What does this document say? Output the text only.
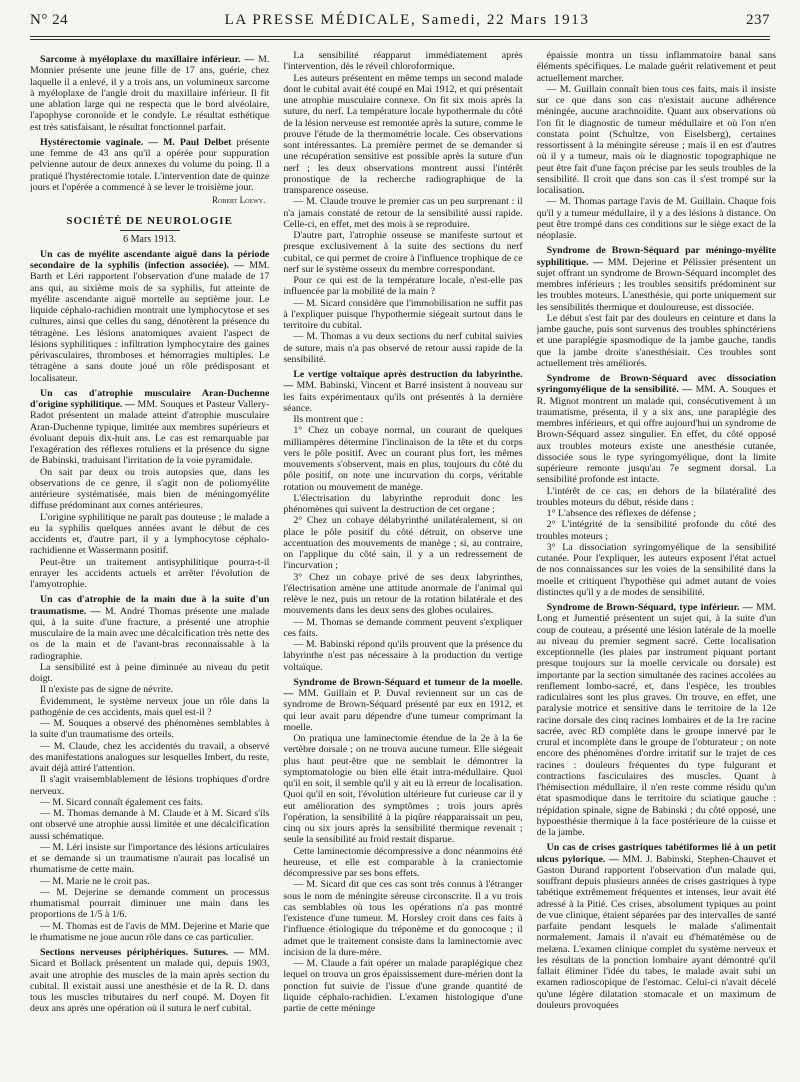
N° 24	LA PRESSE MÉDICALE, Samedi, 22 Mars 1913	237

Sarcome à myéloplaxe du maxillaire inférieur. — M. Monnier présente une jeune fille de 17 ans, guérie, chez laquelle il a enlevé, il y a trois ans, un volumineux sarcome à myéloplaxe de l'angle droit du maxillaire inférieur. Il fit une ablation large qui ne respecta que le bord alvéolaire, l'apophyse coronoïde et le condyle. Le résultat esthétique est très satisfaisant, le résultat fonctionnel parfait.

Hystérectomie vaginale. — M. Paul Delbet présente une femme de 43 ans qu'il a opérée pour suppuration pelvienne autour de deux annexes du volume du poing. Il a pratiqué l'hystérectomie totale. L'intervention date de quinze jours et l'opérée a commencé à se lever le troisième jour.

Robert Loewy.
SOCIÉTÉ DE NEUROLOGIE
6 Mars 1913.

Un cas de myélite ascendante aiguë dans la période secondaire de la syphilis (infection associée). — MM. Barth et Léri rapportent l'observation d'une malade de 17 ans qui, au sixième mois de sa syphilis, fut atteinte de myélite ascendante aiguë mortelle au septième jour. Le liquide céphalo-rachidien montrait une lymphocytose et ses cultures, ainsi que celles du sang, dénotèrent la présence du tétragène. Les lésions anatomiques avaient l'aspect de lésions syphilitiques : infiltration lymphocytaire des gaines périvasculaires, thromboses et hémorragies multiples. Le tétragène a sans doute joué un rôle prédisposant et localisateur.

Un cas d'atrophie musculaire Aran-Duchenne d'origine syphilitique. — MM. Souques et Pasteur Vallery-Radot présentent un malade atteint d'atrophie musculaire Aran-Duchenne typique, limitée aux membres supérieurs et évoluant depuis dix-huit ans. Le cas est remarquable par l'exagération des réflexes rotuliens et la présence du signe de Babinski, traduisant l'irritation de la voie pyramidale.

On sait par deux ou trois autopsies que, dans les observations de ce genre, il s'agit non de poliomyélite antérieure systématisée, mais bien de méningomyélite diffuse prédominant aux cornes antérieures.

L'origine syphilitique ne paraît pas douteuse ; le malade a eu la syphilis quelques années avant le début de ces accidents et, d'autre part, il y a lymphocytose céphalo-rachidienne et Wassermann positif.

Peut-être un traitement antisyphilitique pourra-t-il enrayer les accidents actuels et arrêter l'évolution de l'amyotrophie.

Un cas d'atrophie de la main due à la suite d'un traumatisme. — M. André Thomas présente une malade qui, à la suite d'une fracture, a présenté une atrophie musculaire de la main avec une décalcification très nette des os de la main et de l'avant-bras reconnaissable à la radiographie.

La sensibilité est à peine diminuée au niveau du petit doigt.

Il n'existe pas de signe de névrite.

Évidemment, le système nerveux joue un rôle dans la pathogénie de ces accidents, mais quel est-il ?

— M. Souques a observé des phénomènes semblables à la suite d'un traumatisme des orteils.

— M. Claude, chez les accidentés du travail, a observé des manifestations analogues sur lesquelles Imbert, du reste, avait déjà attiré l'attention.

Il s'agit vraisemblablement de lésions trophiques d'ordre nerveux.

— M. Sicard connaît également ces faits.

— M. Thomas demande à M. Claude et à M. Sicard s'ils ont observé une atrophie aussi limitée et une décalcification aussi schématique.

— M. Léri insiste sur l'importance des lésions articulaires et se demande si un traumatisme n'aurait pas localisé un rhumatisme de cette main.

— M. Marie ne le croit pas.

— M. Dejerine se demande comment un processus rhumatismal pourrait diminuer une main dans les proportions de 1/5 à 1/6.

— M. Thomas est de l'avis de MM. Dejerine et Marie que le rhumatisme ne joue aucun rôle dans ce cas particulier.

Sections nerveuses périphériques. Sutures. — MM. Sicard et Bollack présentent un malade qui, depuis 1903, avait une atrophie des muscles de la main après section du cubital. Il existait aussi une anesthésie et de la R. D. dans tous les muscles tributaires du nerf coupé. M. Doyen fit deux ans après une opération où il sutura le nerf cubital.

La sensibilité réapparut immédiatement après l'intervention, dès le réveil chloroformique.

Les auteurs présentent en même temps un second malade dont le cubital avait été coupé en Mai 1912, et qui présentait une atrophie musculaire connexe. On fit six mois après la suture, du nerf. La température locale hypothermale du côté de la lésion nerveuse est remontée après la suture, comme le prouve l'étude de la thermométrie locale. Ces observations sont intéressantes. La première permet de se demander si une récupération sensitive est possible après la suture d'un nerf ; les deux observations montrent aussi l'intérêt pronostique de la recherche radiographique de la transparence osseuse.

— M. Claude trouve le premier cas un peu surprenant : il n'a jamais constaté de retour de la sensibilité aussi rapide. Celle-ci, en effet, met des mois à se reproduire.

D'autre part, l'atrophie osseuse se manifeste surtout et presque exclusivement à la suite des sections du nerf cubital, ce qui permet de croire à l'influence trophique de ce nerf sur le système osseux du membre correspondant.

Pour ce qui est de la température locale, n'est-elle pas influencée par la mobilité de la main ?

— M. Sicard considère que l'immobilisation ne suffit pas à l'expliquer puisque l'hypothermie siégeait surtout dans le territoire du cubital.

— M. Thomas a vu deux sections du nerf cubital suivies de suture, mais n'a pas observé de retour aussi rapide de la sensibilité.

Le vertige voltaïque après destruction du labyrinthe. — MM. Babinski, Vincent et Barré insistent à nouveau sur les faits expérimentaux qu'ils ont présentés à la dernière séance.

Ils montrent que :

1° Chez un cobaye normal, un courant de quelques milliampères détermine l'inclinaison de la tête et du corps vers le pôle positif. Avec un courant plus fort, les mêmes mouvements s'observent, mais en plus, toujours du côté du pôle positif, on note une incurvation du corps, véritable rotation ou mouvement de manège.

L'électrisation du labyrinthe reproduit donc les phénomènes qui suivent la destruction de cet organe ;

2° Chez un cobaye délabyrinthé unilatéralement, si on place le pôle positif du côté détruit, on observe une accentuation des mouvements de manège ; si, au contraire, on l'applique du côté sain, il y a un redressement de l'incurvation ;

3° Chez un cobaye privé de ses deux labyrinthes, l'électrisation amène une attitude anormale de l'animal qui relève le nez, puis un retour de la rotation bilatérale et des mouvements dans les deux sens des globes oculaires.

— M. Thomas se demande comment peuvent s'expliquer ces faits.

— M. Babinski répond qu'ils prouvent que la présence du labyrinthe n'est pas nécessaire à la production du vertige voltaïque.

Syndrome de Brown-Séquard et tumeur de la moelle. — MM. Guillain et P. Duval reviennent sur un cas de syndrome de Brown-Séquard présenté par eux en 1912, et qui leur avait paru dépendre d'une tumeur comprimant la moelle.

On pratiqua une laminectomie étendue de la 2e à la 6e vertèbre dorsale ; on ne trouva aucune tumeur. Elle siégeait plus haut peut-être que ne semblait le démontrer la symptomatologie ou bien elle était intra-médullaire. Quoi qu'il en soit, il semble qu'il y ait eu là erreur de localisation. Quoi qu'il en soit, l'évolution ultérieure fut curieuse car il y eut amélioration des symptômes ; trois jours après l'opération, la sensibilité à la piqûre réapparaissait un peu, cinq ou six jours après la sensibilité thermique revenait ; seule la sensibilité au froid restait disparue.

Cette laminectomie décompressive a donc néanmoins été heureuse, et elle est comparable à la craniectomie décompressive par ses bons effets.

— M. Sicard dit que ces cas sont très connus à l'étranger sous le nom de méningite séreuse circonscrite. Il a vu trois cas semblables où tous les opérations n'a pas montré l'existence d'une tumeur. M. Horsley croit dans ces faits à l'influence étiologique du tréponème et du gonocoque ; il admet que le traitement consiste dans la laminectomie avec incision de la dure-mère.

— M. Claude a fait opérer un malade paraplégique chez lequel on trouva un gros épaississement dure-mérien dont la ponction fut suivie de l'issue d'une grande quantité de liquide céphalo-rachidien. L'examen histologique d'une partie de cette méninge

épaissie montra un tissu inflammatoire banal sans éléments spécifiques. Le malade guérit relativement et peut actuellement marcher.

— M. Guillain connaît bien tous ces faits, mais il insiste sur ce que dans son cas n'existait aucune adhérence méningée, aucune arachnoïdite. Quant aux observations où l'on fit le diagnostic de tumeur médullaire et où l'on n'en constata point (Schultze, von Eiselsberg), certaines ressortissent à la méningite séreuse ; mais il en est d'autres où il y a tumeur, mais où le diagnostic topographique ne peut être fait d'une façon précise par les seuls troubles de la sensibilité. Il croit que dans son cas il s'est trompé sur la localisation.

— M. Thomas partage l'avis de M. Guillain. Chaque fois qu'il y a tumeur médullaire, il y a des lésions à distance. On peut être trompé dans ces conditions sur le siège exact de la néoplasie.

Syndrome de Brown-Séquard par méningo-myélite syphilitique. — MM. Dejerine et Pélissier présentent un sujet offrant un syndrome de Brown-Séquard incomplet des membres inférieurs ; les troubles sensitifs prédominent sur les troubles moteurs. L'anesthésie, qui porte uniquement sur les sensibilités thermique et douloureuse, est dissociée.

Le début s'est fait par des douleurs en ceinture et dans la jambe gauche, puis sont survenus des troubles sphinctériens et une paraplégie spasmodique de la jambe gauche, tandis que la jambe droite s'anesthésiait. Ces troubles sont actuellement très améliorés.

Syndrome de Brown-Séquard avec dissociation syringomyélique de la sensibilité. — MM. A. Souques et R. Mignot montrent un malade qui, consécutivement à un traumatisme, présenta, il y a six ans, une paraplégie des membres inférieurs, et qui offre aujourd'hui un syndrome de Brown-Séquard assez singulier. En effet, du côté opposé aux troubles moteurs existe une anesthésie cutanée, dissociée sous le type syringomyélique, dont la limite supérieure remonte jusqu'au 7e segment dorsal. La sensibilité profonde est intacte.

L'intérêt de ce cas, en dehors de la bilatéralité des troubles moteurs du début, réside dans :

1° L'absence des réflexes de défense ;

2° L'intégrité de la sensibilité profonde du côté des troubles moteurs ;

3° La dissociation syringomyélique de la sensibilité cutanée. Pour l'expliquer, les auteurs exposent l'état actuel de nos connaissances sur les voies de la sensibilité dans la moelle et critiquent l'hypothèse qui admet autant de voies distinctes qu'il y a de modes de sensibilité.

Syndrome de Brown-Séquard, type inférieur. — MM. Long et Jumentié présentent un sujet qui, à la suite d'un coup de couteau, a présenté une lésion latérale de la moelle au niveau du premier segment sacré. Cette localisation exceptionnelle (les plaies par instrument piquant portant presque toujours sur la moelle cervicale ou dorsale) est importante par la section simultanée des racines accolées au renflement lombo-sacré, et, dans l'espèce, les troubles radiculaires sont les plus graves. On trouve, en effet, une paralysie motrice et sensitive dans le territoire de la 12e racine dorsale des cinq racines lombaires et de la 1re racine sacrée, avec RD complète dans le groupe innervé par le crural et incomplète dans le groupe de l'obturateur ; on note encore des phénomènes d'ordre irritatif sur le trajet de ces racines : douleurs fréquentes du type fulgurant et contractions fasciculaires des muscles. Quant à l'hémisection médullaire, il n'en reste comme résidu qu'un état spasmodique dans le territoire du sciatique gauche : trépidation spinale, signe de Babinski ; du côté opposé, une hypoesthésie thermique à la face postérieure de la cuisse et de la jambe.

Un cas de crises gastriques tabétiformes lié à un petit ulcus pylorique. — MM. J. Babinski, Stephen-Chauvet et Gaston Durand rapportent l'observation d'un malade qui, souffrant depuis plusieurs années de crises gastriques à type tabétique extrêmement fréquentes et intenses, leur avait été adressé à la Pitié. Ces crises, absolument typiques au point de vue clinique, étaient séparées par des intervalles de santé parfaite pendant lesquels le malade s'alimentait normalement. Jamais il n'avait eu d'hématémèse ou de melæna. L'examen clinique complet du système nerveux et les résultats de la ponction lombaire ayant démontré qu'il fallait éliminer l'idée du tabes, le malade avait subi un examen radioscopique de l'estomac. Celui-ci n'avait décelé qu'une légère dilatation stomacale et un maximum de douleurs provoquées
